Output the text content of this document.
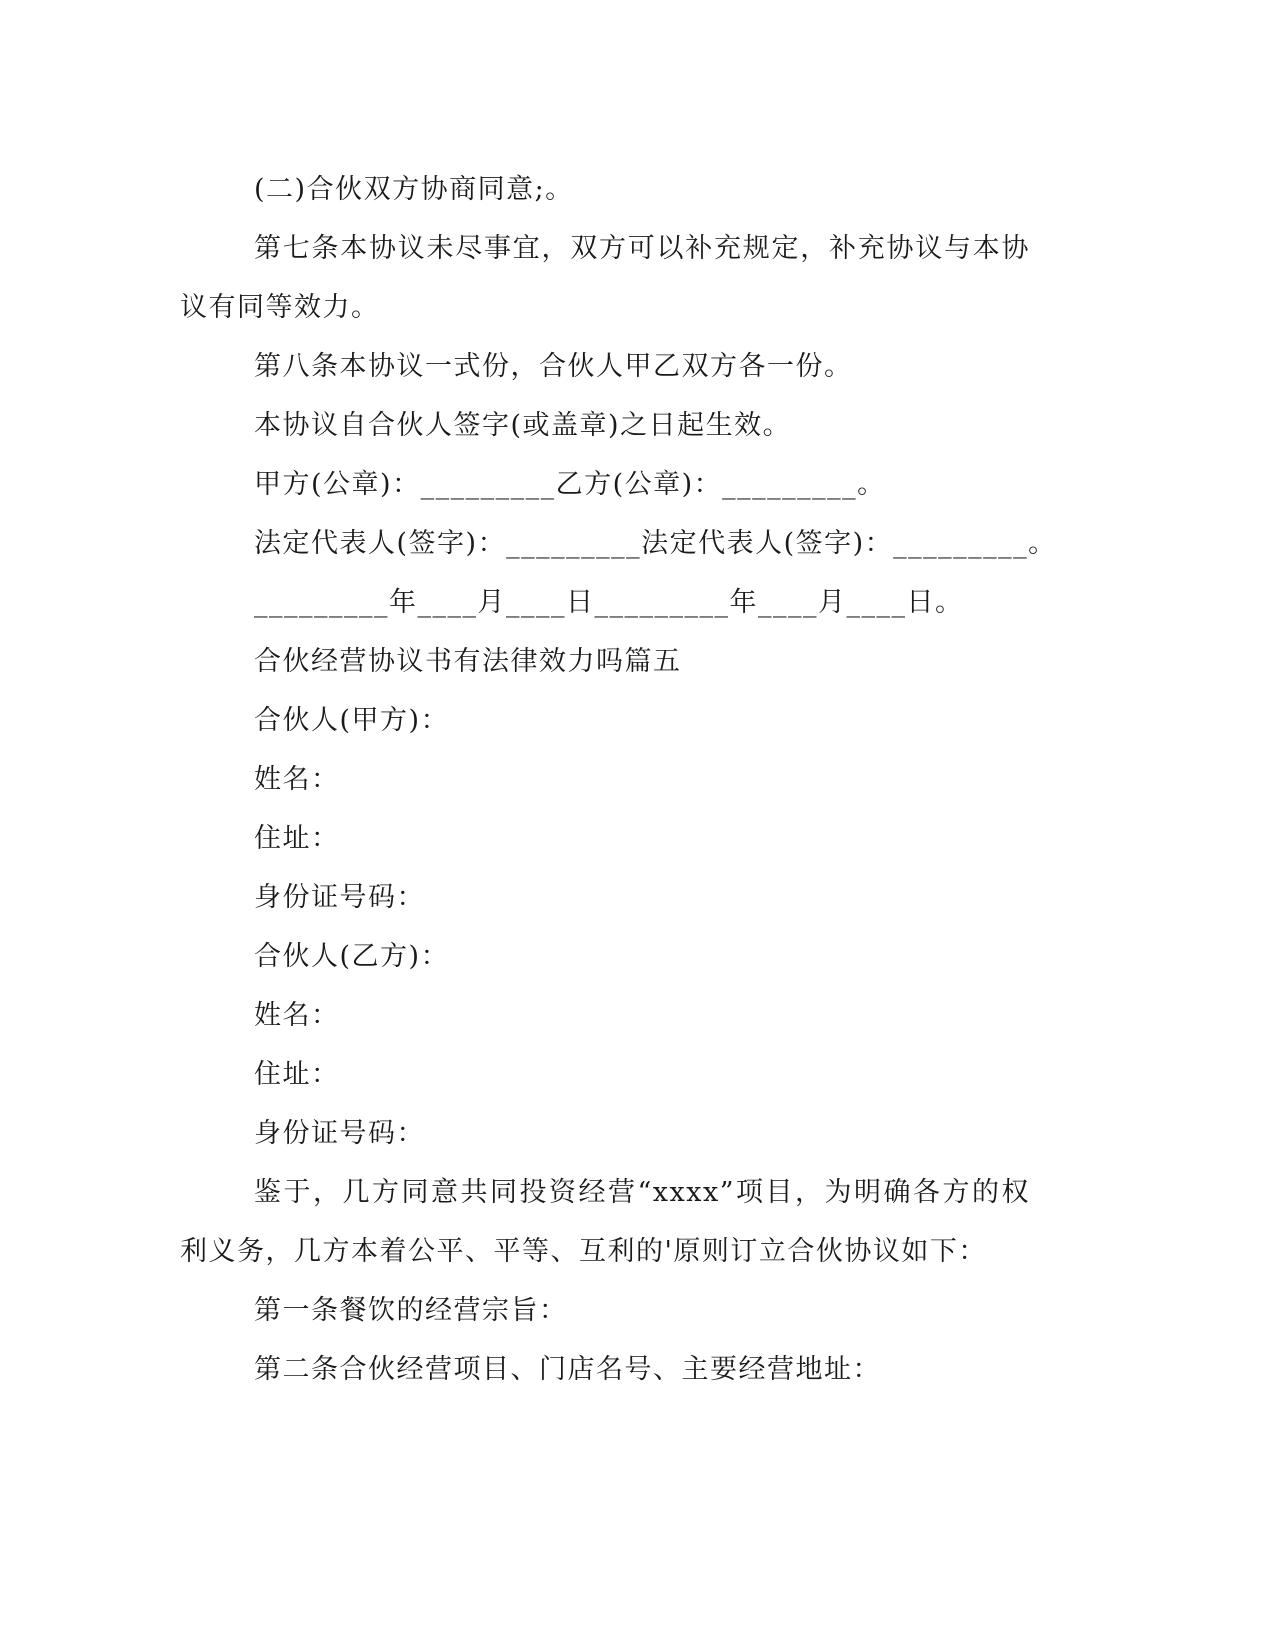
(二)合伙双方协商同意;。

第七条本协议未尽事宜，双方可以补充规定，补充协议与本协议有同等效力。

第八条本协议一式份，合伙人甲乙双方各一份。

本协议自合伙人签字(或盖章)之日起生效。

甲方(公章)：_________乙方(公章)：_________。

法定代表人(签字)：_________法定代表人(签字)：_________。

_________年____月____日_________年____月____日。

合伙经营协议书有法律效力吗篇五

合伙人(甲方)：

姓名：

住址：

身份证号码：

合伙人(乙方)：

姓名：

住址：

身份证号码：

鉴于，几方同意共同投资经营“xxxx”项目，为明确各方的权利义务，几方本着公平、平等、互利的'原则订立合伙协议如下：

第一条餐饮的经营宗旨：

第二条合伙经营项目、门店名号、主要经营地址：
